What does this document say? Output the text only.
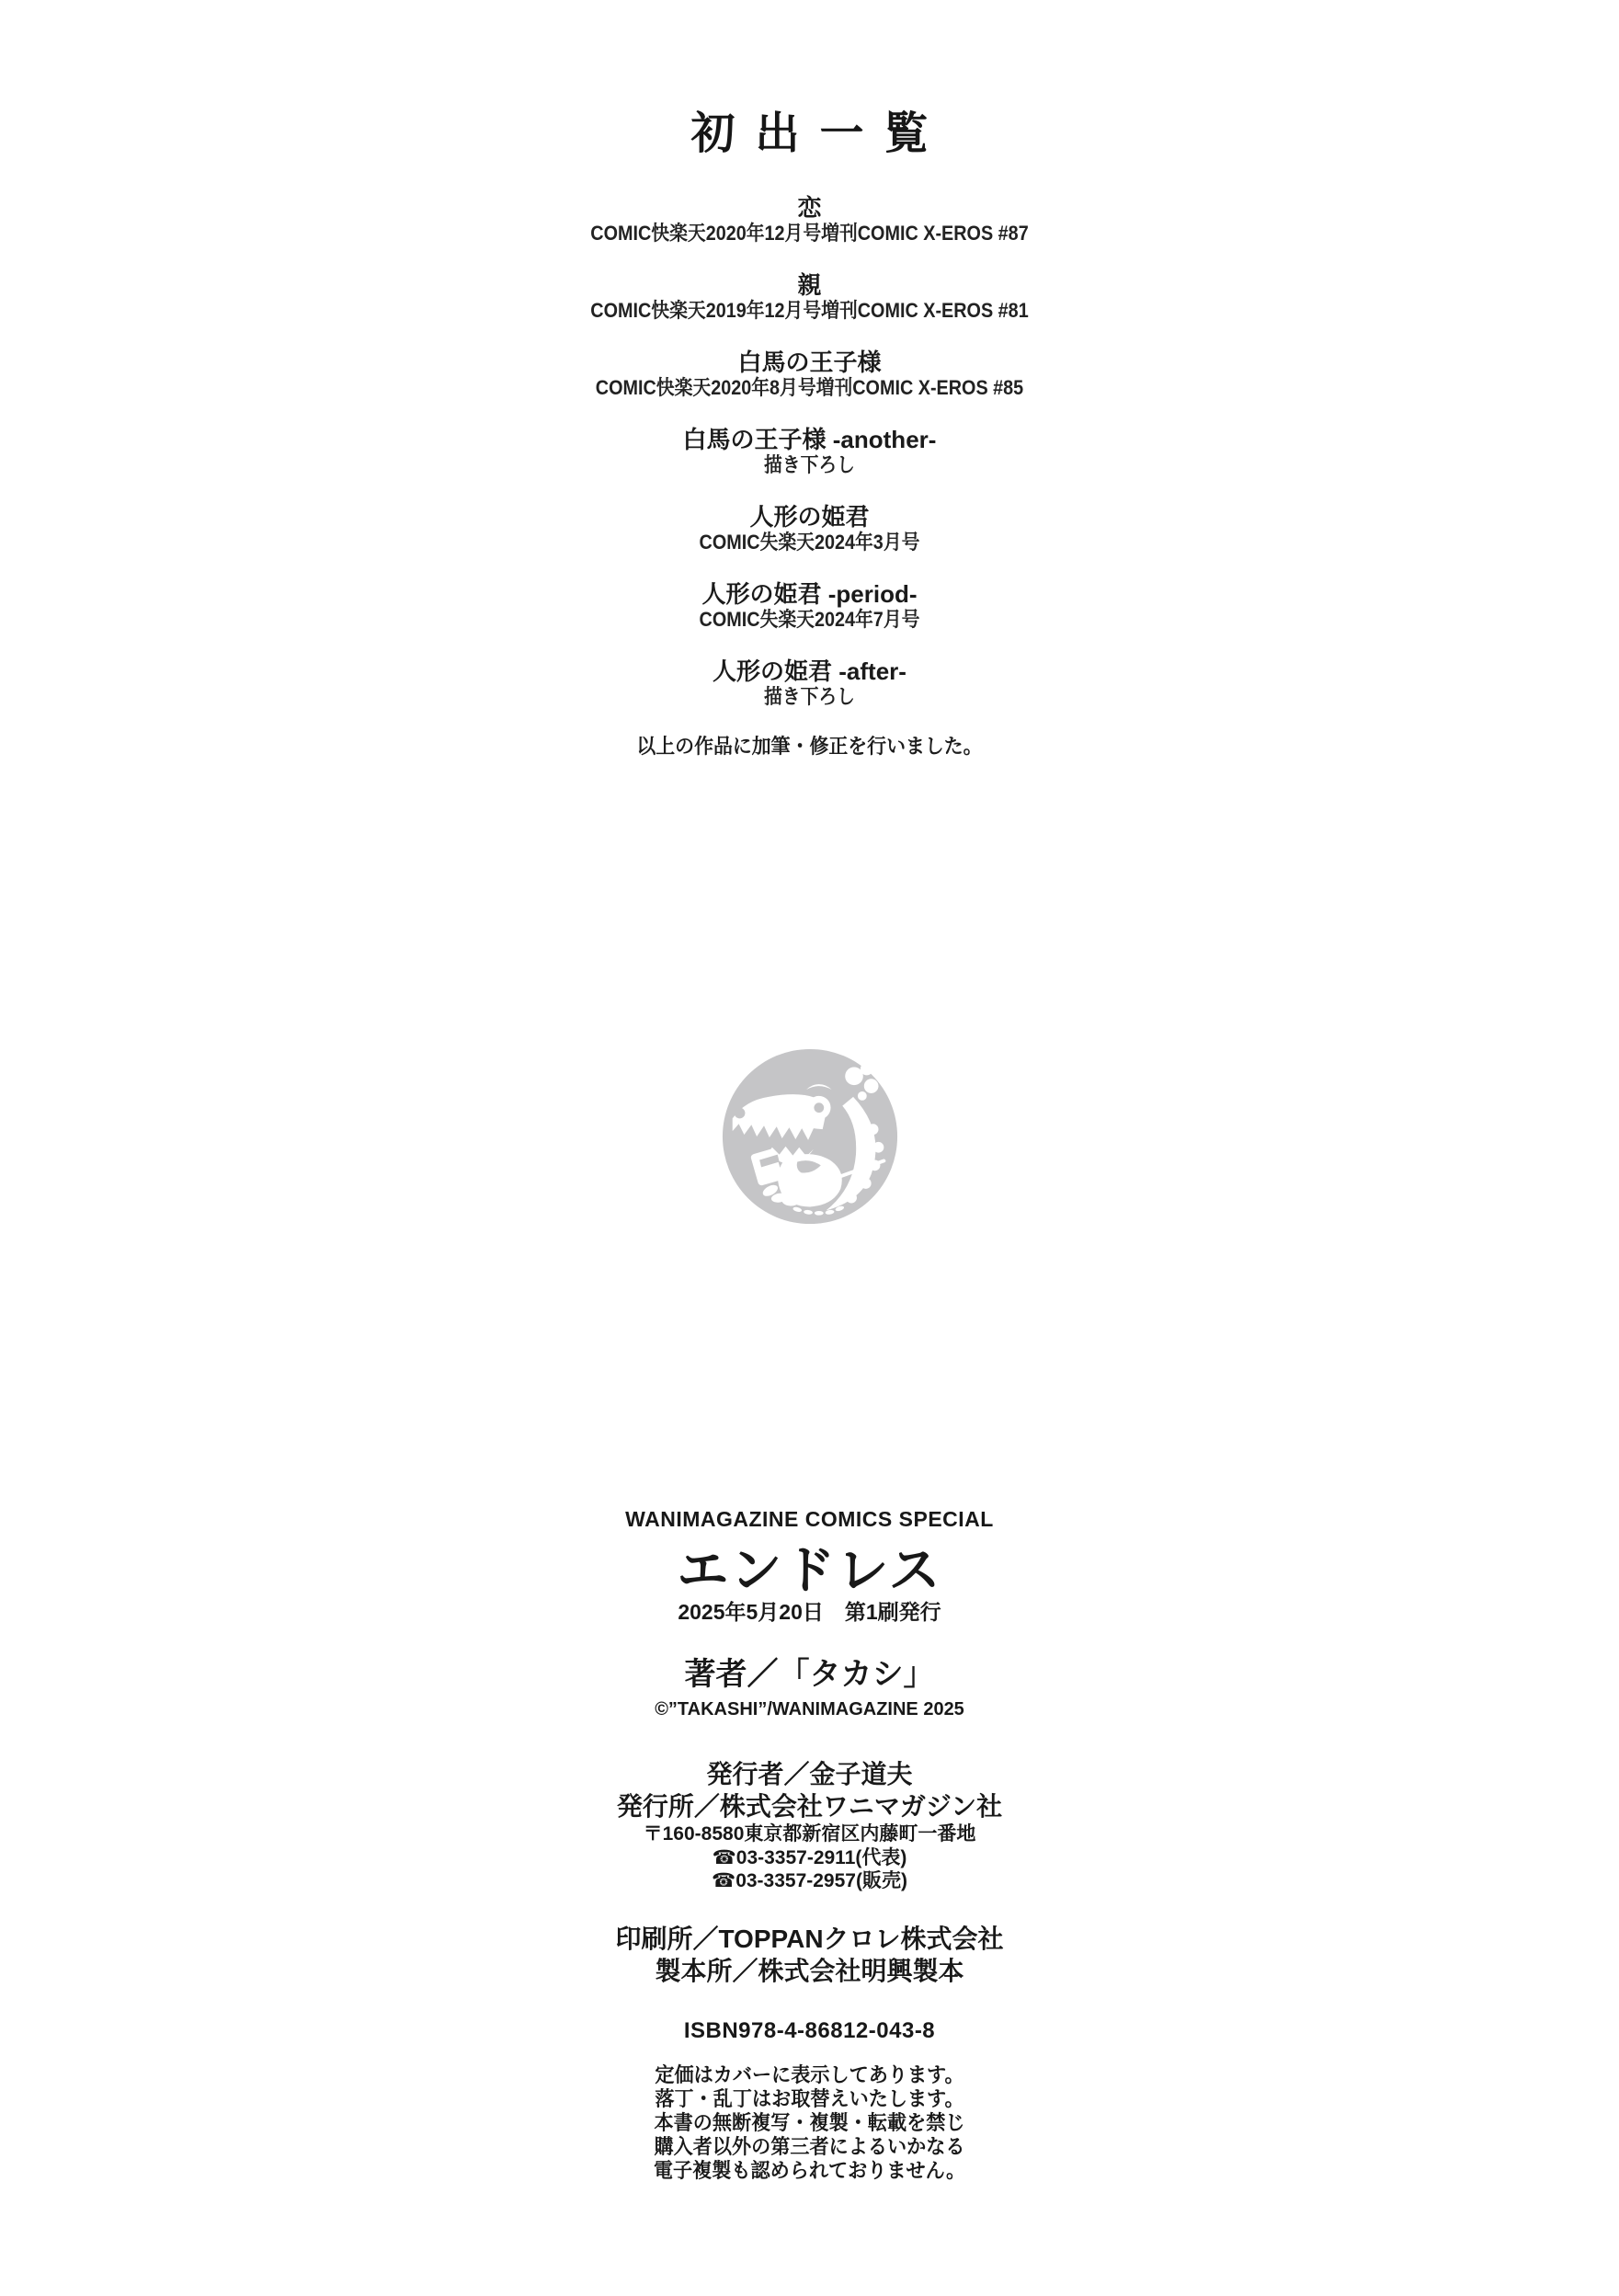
初出一覧
恋
COMIC快楽天2020年12月号増刊COMIC X-EROS #87
親
COMIC快楽天2019年12月号増刊COMIC X-EROS #81
白馬の王子様
COMIC快楽天2020年8月号増刊COMIC X-EROS #85
白馬の王子様 -another-
描き下ろし
人形の姫君
COMIC失楽天2024年3月号
人形の姫君 -period-
COMIC失楽天2024年7月号
人形の姫君 -after-
描き下ろし
以上の作品に加筆・修正を行いました。
WANIMAGAZINE COMICS SPECIAL
エンドレス
2025年5月20日　第1刷発行
著者／「タカシ」
©”TAKASHI”/WANIMAGAZINE 2025
発行者／金子道夫
発行所／株式会社ワニマガジン社
〒160-8580東京都新宿区内藤町一番地
☎03-3357-2911(代表)
☎03-3357-2957(販売)
印刷所／TOPPANクロレ株式会社
製本所／株式会社明興製本
ISBN978-4-86812-043-8
定価はカバーに表示してあります。
落丁・乱丁はお取替えいたします。
本書の無断複写・複製・転載を禁じ
購入者以外の第三者によるいかなる
電子複製も認められておりません。
